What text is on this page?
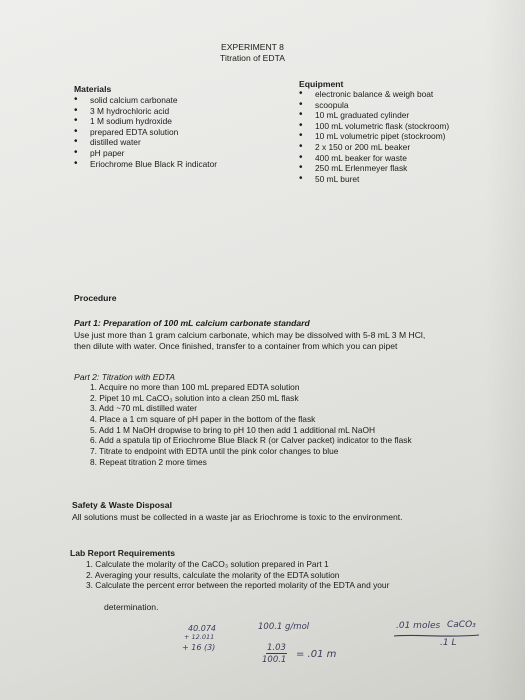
EXPERIMENT 8
Titration of EDTA
Materials
• solid calcium carbonate
• 3 M hydrochloric acid
• 1 M sodium hydroxide
• prepared EDTA solution
• distilled water
• pH paper
• Eriochrome Blue Black R indicator
Equipment
• electronic balance & weigh boat
• scoopula
• 10 mL graduated cylinder
• 100 mL volumetric flask (stockroom)
• 10 mL volumetric pipet (stockroom)
• 2 x 150 or 200 mL beaker
• 400 mL beaker for waste
• 250 mL Erlenmeyer flask
• 50 mL buret
Procedure
Part 1: Preparation of 100 mL calcium carbonate standard
Use just more than 1 gram calcium carbonate, which may be dissolved with 5-8 mL 3 M HCl,
then dilute with water. Once finished, transfer to a container from which you can pipet
Part 2: Titration with EDTA
1. Acquire no more than 100 mL prepared EDTA solution
2. Pipet 10 mL CaCO₃ solution into a clean 250 mL flask
3. Add ~70 mL distilled water
4. Place a 1 cm square of pH paper in the bottom of the flask
5. Add 1 M NaOH dropwise to bring to pH 10 then add 1 additional mL NaOH
6. Add a spatula tip of Eriochrome Blue Black R (or Calver packet) indicator to the flask
7. Titrate to endpoint with EDTA until the pink color changes to blue
8. Repeat titration 2 more times
Safety & Waste Disposal
All solutions must be collected in a waste jar as Eriochrome is toxic to the environment.
Lab Report Requirements
1. Calculate the molarity of the CaCO₃ solution prepared in Part 1
2. Averaging your results, calculate the molarity of the EDTA solution
3. Calculate the percent error between the reported molarity of the EDTA and your
determination.
40.074
+ 12.011
+ 16 (3)
100.1 g/mol
1.03
100.1 = .01 m
.01 moles CaCO₃
.1 L
